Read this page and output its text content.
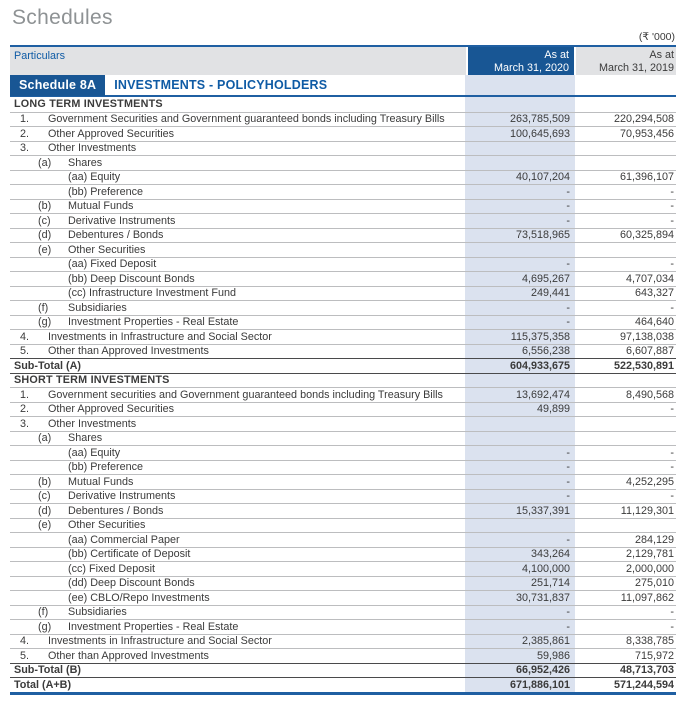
Schedules
(₹ '000)
Particulars	As at
March 31, 2020
As at
March 31, 2019
Schedule 8A	INVESTMENTS - POLICYHOLDERS
LONG TERM INVESTMENTS
1.	Government Securities and Government guaranteed bonds including Treasury Bills	263,785,509	220,294,508
2.	Other Approved Securities	100,645,693	70,953,456
3.	Other Investments
(a)	Shares
(aa) Equity	40,107,204	61,396,107
(bb) Preference	-	-
(b)	Mutual Funds	-	-
(c)	Derivative Instruments	-	-
(d)	Debentures / Bonds	73,518,965	60,325,894
(e)	Other Securities
(aa) Fixed Deposit	-	-
(bb) Deep Discount Bonds	4,695,267	4,707,034
(cc) Infrastructure Investment Fund	249,441	643,327
(f)	Subsidiaries	-	-
(g)	Investment Properties - Real Estate	-	464,640
4.	Investments in Infrastructure and Social Sector	115,375,358	97,138,038
5.	Other than Approved Investments	6,556,238	6,607,887
Sub-Total (A)	604,933,675	522,530,891
SHORT TERM INVESTMENTS
1.	Government securities and Government guaranteed bonds including Treasury Bills	13,692,474	8,490,568
2.	Other Approved Securities	49,899	-
3.	Other Investments
(a)	Shares
(aa) Equity	-	-
(bb) Preference	-	-
(b)	Mutual Funds	-	4,252,295
(c)	Derivative Instruments	-	-
(d)	Debentures / Bonds	15,337,391	11,129,301
(e)	Other Securities
(aa) Commercial Paper	-	284,129
(bb) Certificate of Deposit	343,264	2,129,781
(cc) Fixed Deposit	4,100,000	2,000,000
(dd) Deep Discount Bonds	251,714	275,010
(ee) CBLO/Repo Investments	30,731,837	11,097,862
(f)	Subsidiaries	-	-
(g)	Investment Properties - Real Estate	-	-
4.	Investments in Infrastructure and Social Sector	2,385,861	8,338,785
5.	Other than Approved Investments	59,986	715,972
Sub-Total (B)	66,952,426	48,713,703
Total (A+B)	671,886,101	571,244,594
